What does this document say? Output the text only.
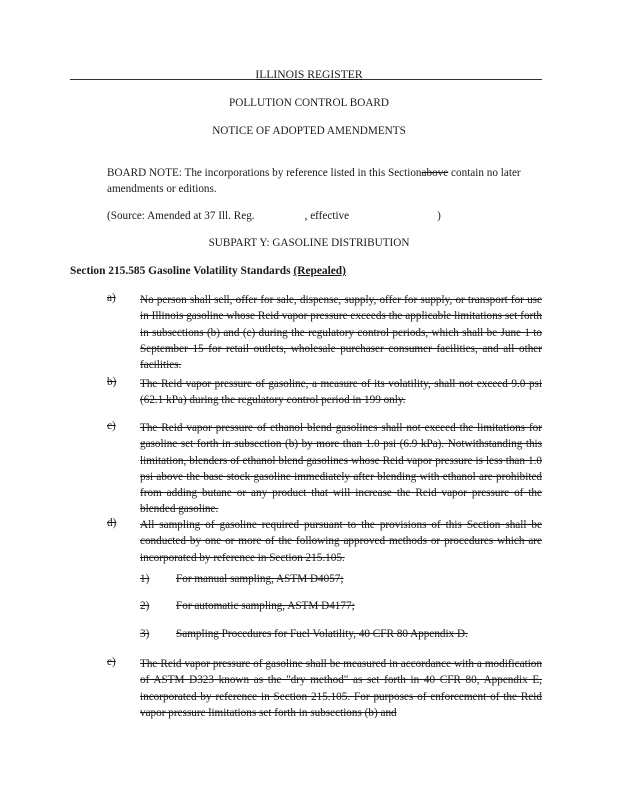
ILLINOIS REGISTER
POLLUTION CONTROL BOARD
NOTICE OF ADOPTED AMENDMENTS
BOARD NOTE: The incorporations by reference listed in this Sectionabove contain no later amendments or editions.
(Source: Amended at 37 Ill. Reg.	, effective	)
SUBPART Y: GASOLINE DISTRIBUTION
Section 215.585 Gasoline Volatility Standards (Repealed)
a) No person shall sell, offer for sale, dispense, supply, offer for supply, or transport for use in Illinois gasoline whose Reid vapor pressure exceeds the applicable limitations set forth in subsections (b) and (c) during the regulatory control periods, which shall be June 1 to September 15 for retail outlets, wholesale purchaser consumer facilities, and all other facilities.
b) The Reid vapor pressure of gasoline, a measure of its volatility, shall not exceed 9.0 psi (62.1 kPa) during the regulatory control period in 199 only.
c) The Reid vapor pressure of ethanol blend gasolines shall not exceed the limitations for gasoline set forth in subsection (b) by more than 1.0 psi (6.9 kPa). Notwithstanding this limitation, blenders of ethanol blend gasolines whose Reid vapor pressure is less than 1.0 psi above the base stock gasoline immediately after blending with ethanol are prohibited from adding butane or any product that will increase the Reid vapor pressure of the blended gasoline.
d) All sampling of gasoline required pursuant to the provisions of this Section shall be conducted by one or more of the following approved methods or procedures which are incorporated by reference in Section 215.105.
1) For manual sampling, ASTM D4057;
2) For automatic sampling, ASTM D4177;
3) Sampling Procedures for Fuel Volatility, 40 CFR 80 Appendix D.
e) The Reid vapor pressure of gasoline shall be measured in accordance with a modification of ASTM D323 known as the "dry method" as set forth in 40 CFR 80, Appendix E, incorporated by reference in Section 215.105. For purposes of enforcement of the Reid vapor pressure limitations set forth in subsections (b) and
